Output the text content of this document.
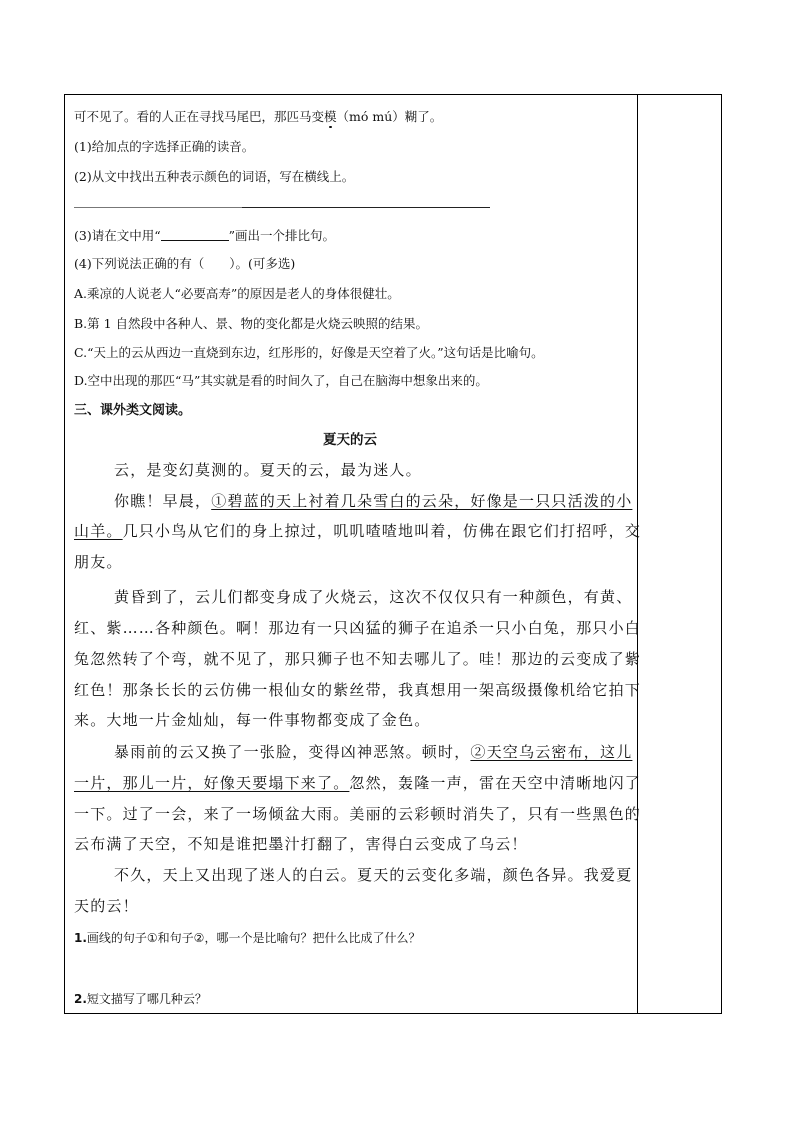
可不见了。看的人正在寻找马尾巴，那匹马变模（mó mú）糊了。
(1)给加点的字选择正确的读音。
(2)从文中找出五种表示颜色的词语，写在横线上。
(3)请在文中用“	”画出一个排比句。
(4)下列说法正确的有（　　）。(可多选)
A.乘凉的人说老人“必要高寿”的原因是老人的身体很健壮。
B.第 1 自然段中各种人、景、物的变化都是火烧云映照的结果。
C.“天上的云从西边一直烧到东边，红彤彤的，好像是天空着了火。”这句话是比喻句。
D.空中出现的那匹“马”其实就是看的时间久了，自己在脑海中想象出来的。
三、课外类文阅读。
夏天的云
云，是变幻莫测的。夏天的云，最为迷人。
你瞧！早晨，①碧蓝的天上衬着几朵雪白的云朵，好像是一只只活泼的小
山羊。几只小鸟从它们的身上掠过，叽叽喳喳地叫着，仿佛在跟它们打招呼，交
朋友。
黄昏到了，云儿们都变身成了火烧云，这次不仅仅只有一种颜色，有黄、
红、紫……各种颜色。啊！那边有一只凶猛的狮子在追杀一只小白兔，那只小白
兔忽然转了个弯，就不见了，那只狮子也不知去哪儿了。哇！那边的云变成了紫
红色！那条长长的云仿佛一根仙女的紫丝带，我真想用一架高级摄像机给它拍下
来。大地一片金灿灿，每一件事物都变成了金色。
暴雨前的云又换了一张脸，变得凶神恶煞。顿时，②天空乌云密布，这儿
一片，那儿一片，好像天要塌下来了。忽然，轰隆一声，雷在天空中清晰地闪了
一下。过了一会，来了一场倾盆大雨。美丽的云彩顿时消失了，只有一些黑色的
云布满了天空，不知是谁把墨汁打翻了，害得白云变成了乌云！
不久，天上又出现了迷人的白云。夏天的云变化多端，颜色各异。我爱夏
天的云！
1.画线的句子①和句子②，哪一个是比喻句？把什么比成了什么？
2.短文描写了哪几种云？
